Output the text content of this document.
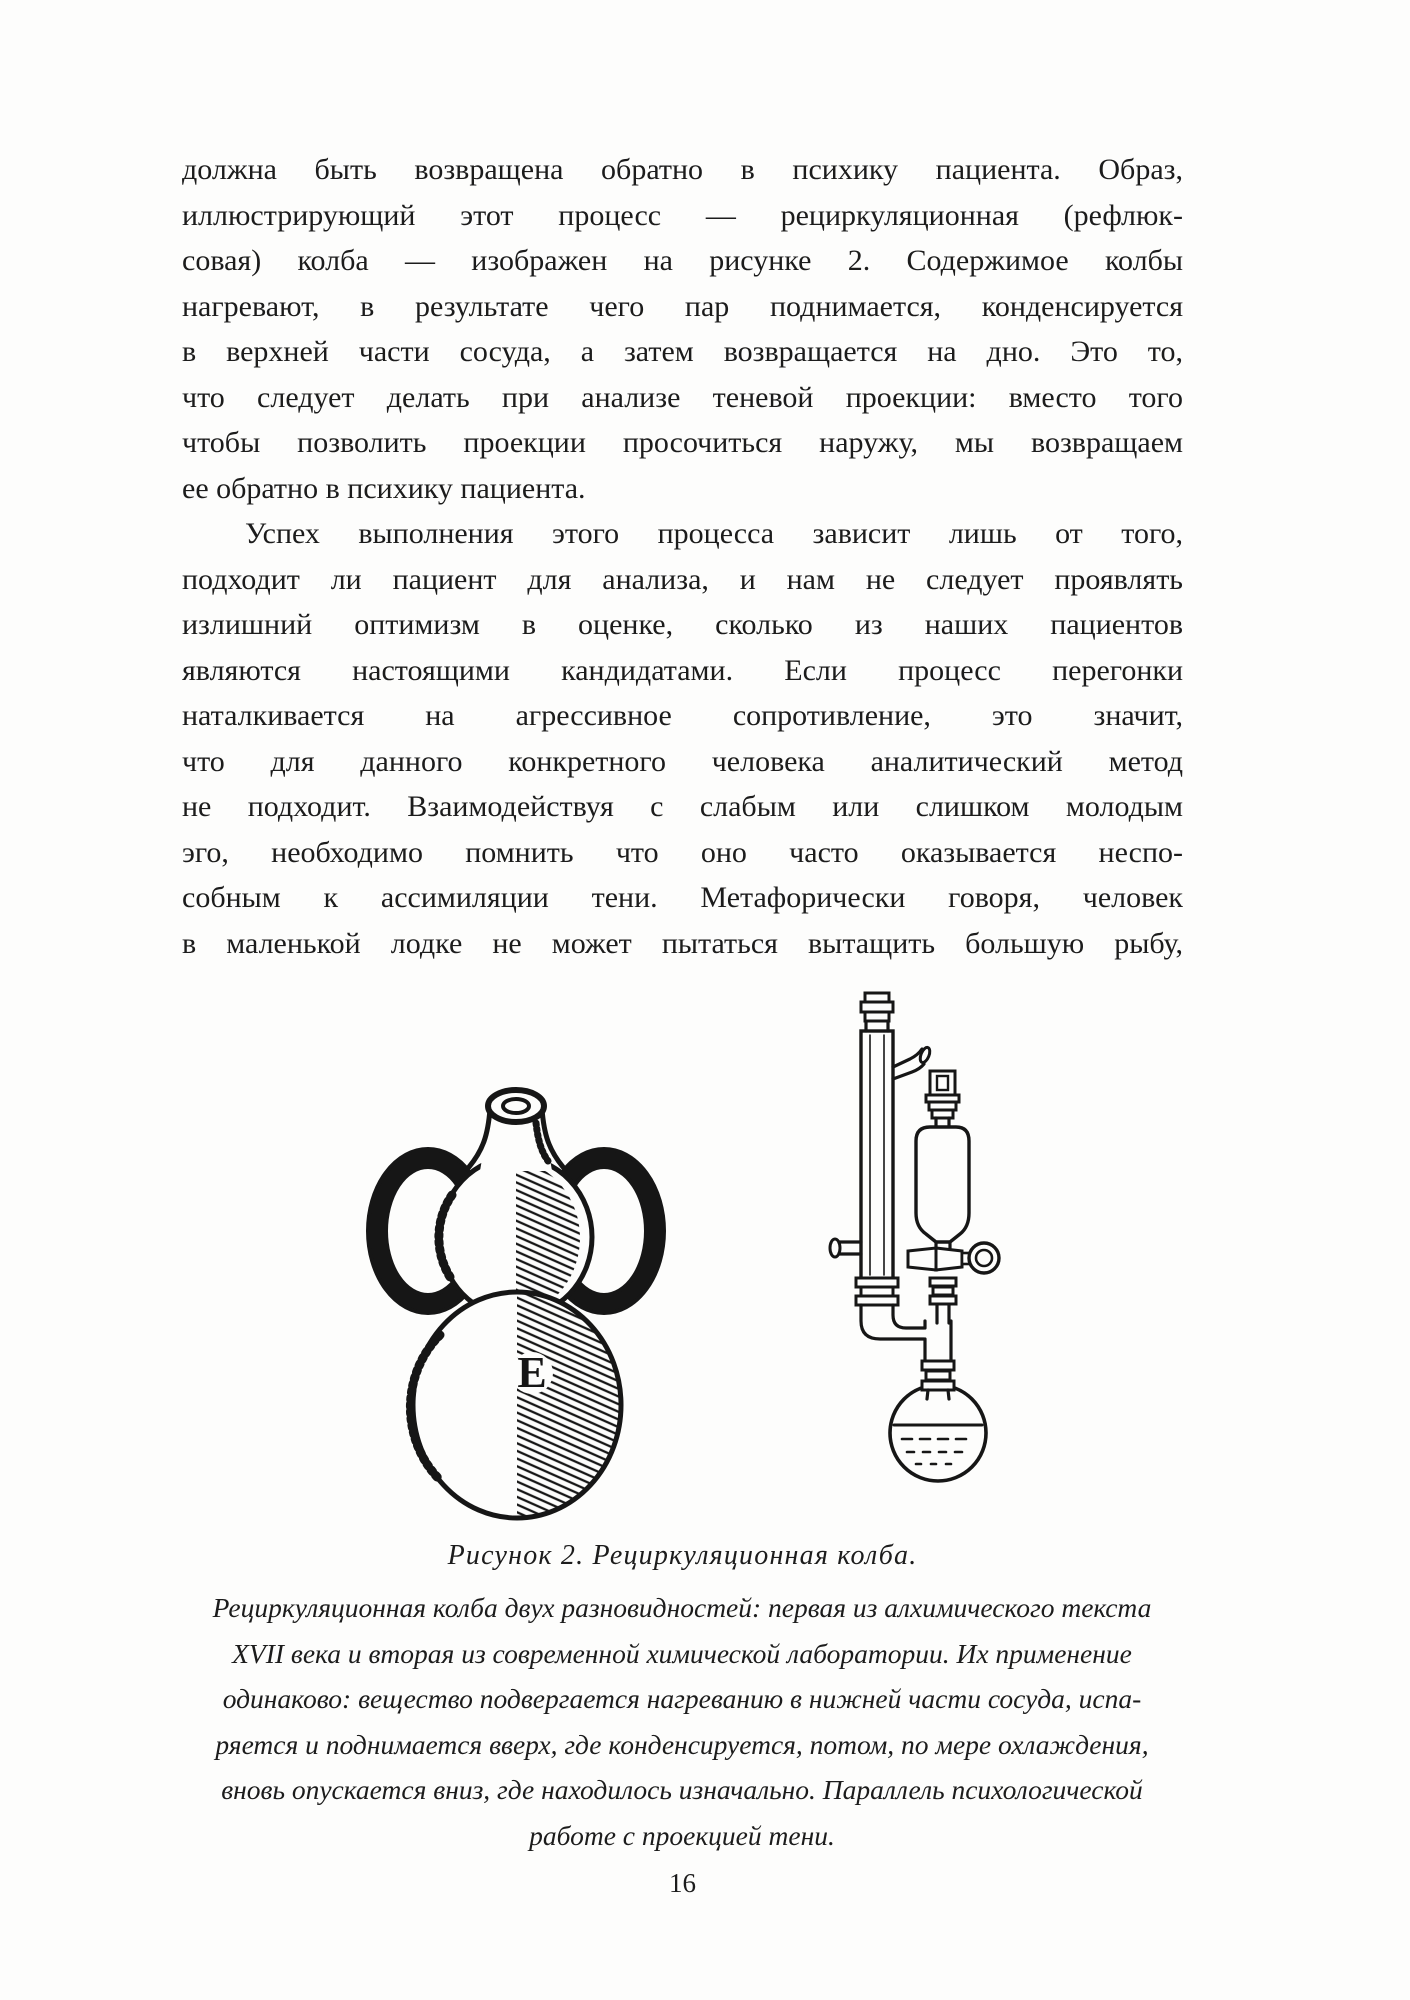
должна быть возвращена обратно в психику пациента. Образ,
иллюстрирующий этот процесс — рециркуляционная (рефлюк-
совая) колба — изображен на рисунке 2. Содержимое колбы
нагревают, в результате чего пар поднимается, конденсируется
в верхней части сосуда, а затем возвращается на дно. Это то,
что следует делать при анализе теневой проекции: вместо того
чтобы позволить проекции просочиться наружу, мы возвращаем
ее обратно в психику пациента.
Успех выполнения этого процесса зависит лишь от того,
подходит ли пациент для анализа, и нам не следует проявлять
излишний оптимизм в оценке, сколько из наших пациентов
являются настоящими кандидатами. Если процесс перегонки
наталкивается на агрессивное сопротивление, это значит,
что для данного конкретного человека аналитический метод
не подходит. Взаимодействуя с слабым или слишком молодым
эго, необходимо помнить что оно часто оказывается неспо-
собным к ассимиляции тени. Метафорически говоря, человек
в маленькой лодке не может пытаться вытащить большую рыбу,
E
Рисунок 2. Рециркуляционная колба.
Рециркуляционная колба двух разновидностей: первая из алхимического текста
XVII века и вторая из современной химической лаборатории. Их применение
одинаково: вещество подвергается нагреванию в нижней части сосуда, испа-
ряется и поднимается вверх, где конденсируется, потом, по мере охлаждения,
вновь опускается вниз, где находилось изначально. Параллель психологической
работе с проекцией тени.
16
